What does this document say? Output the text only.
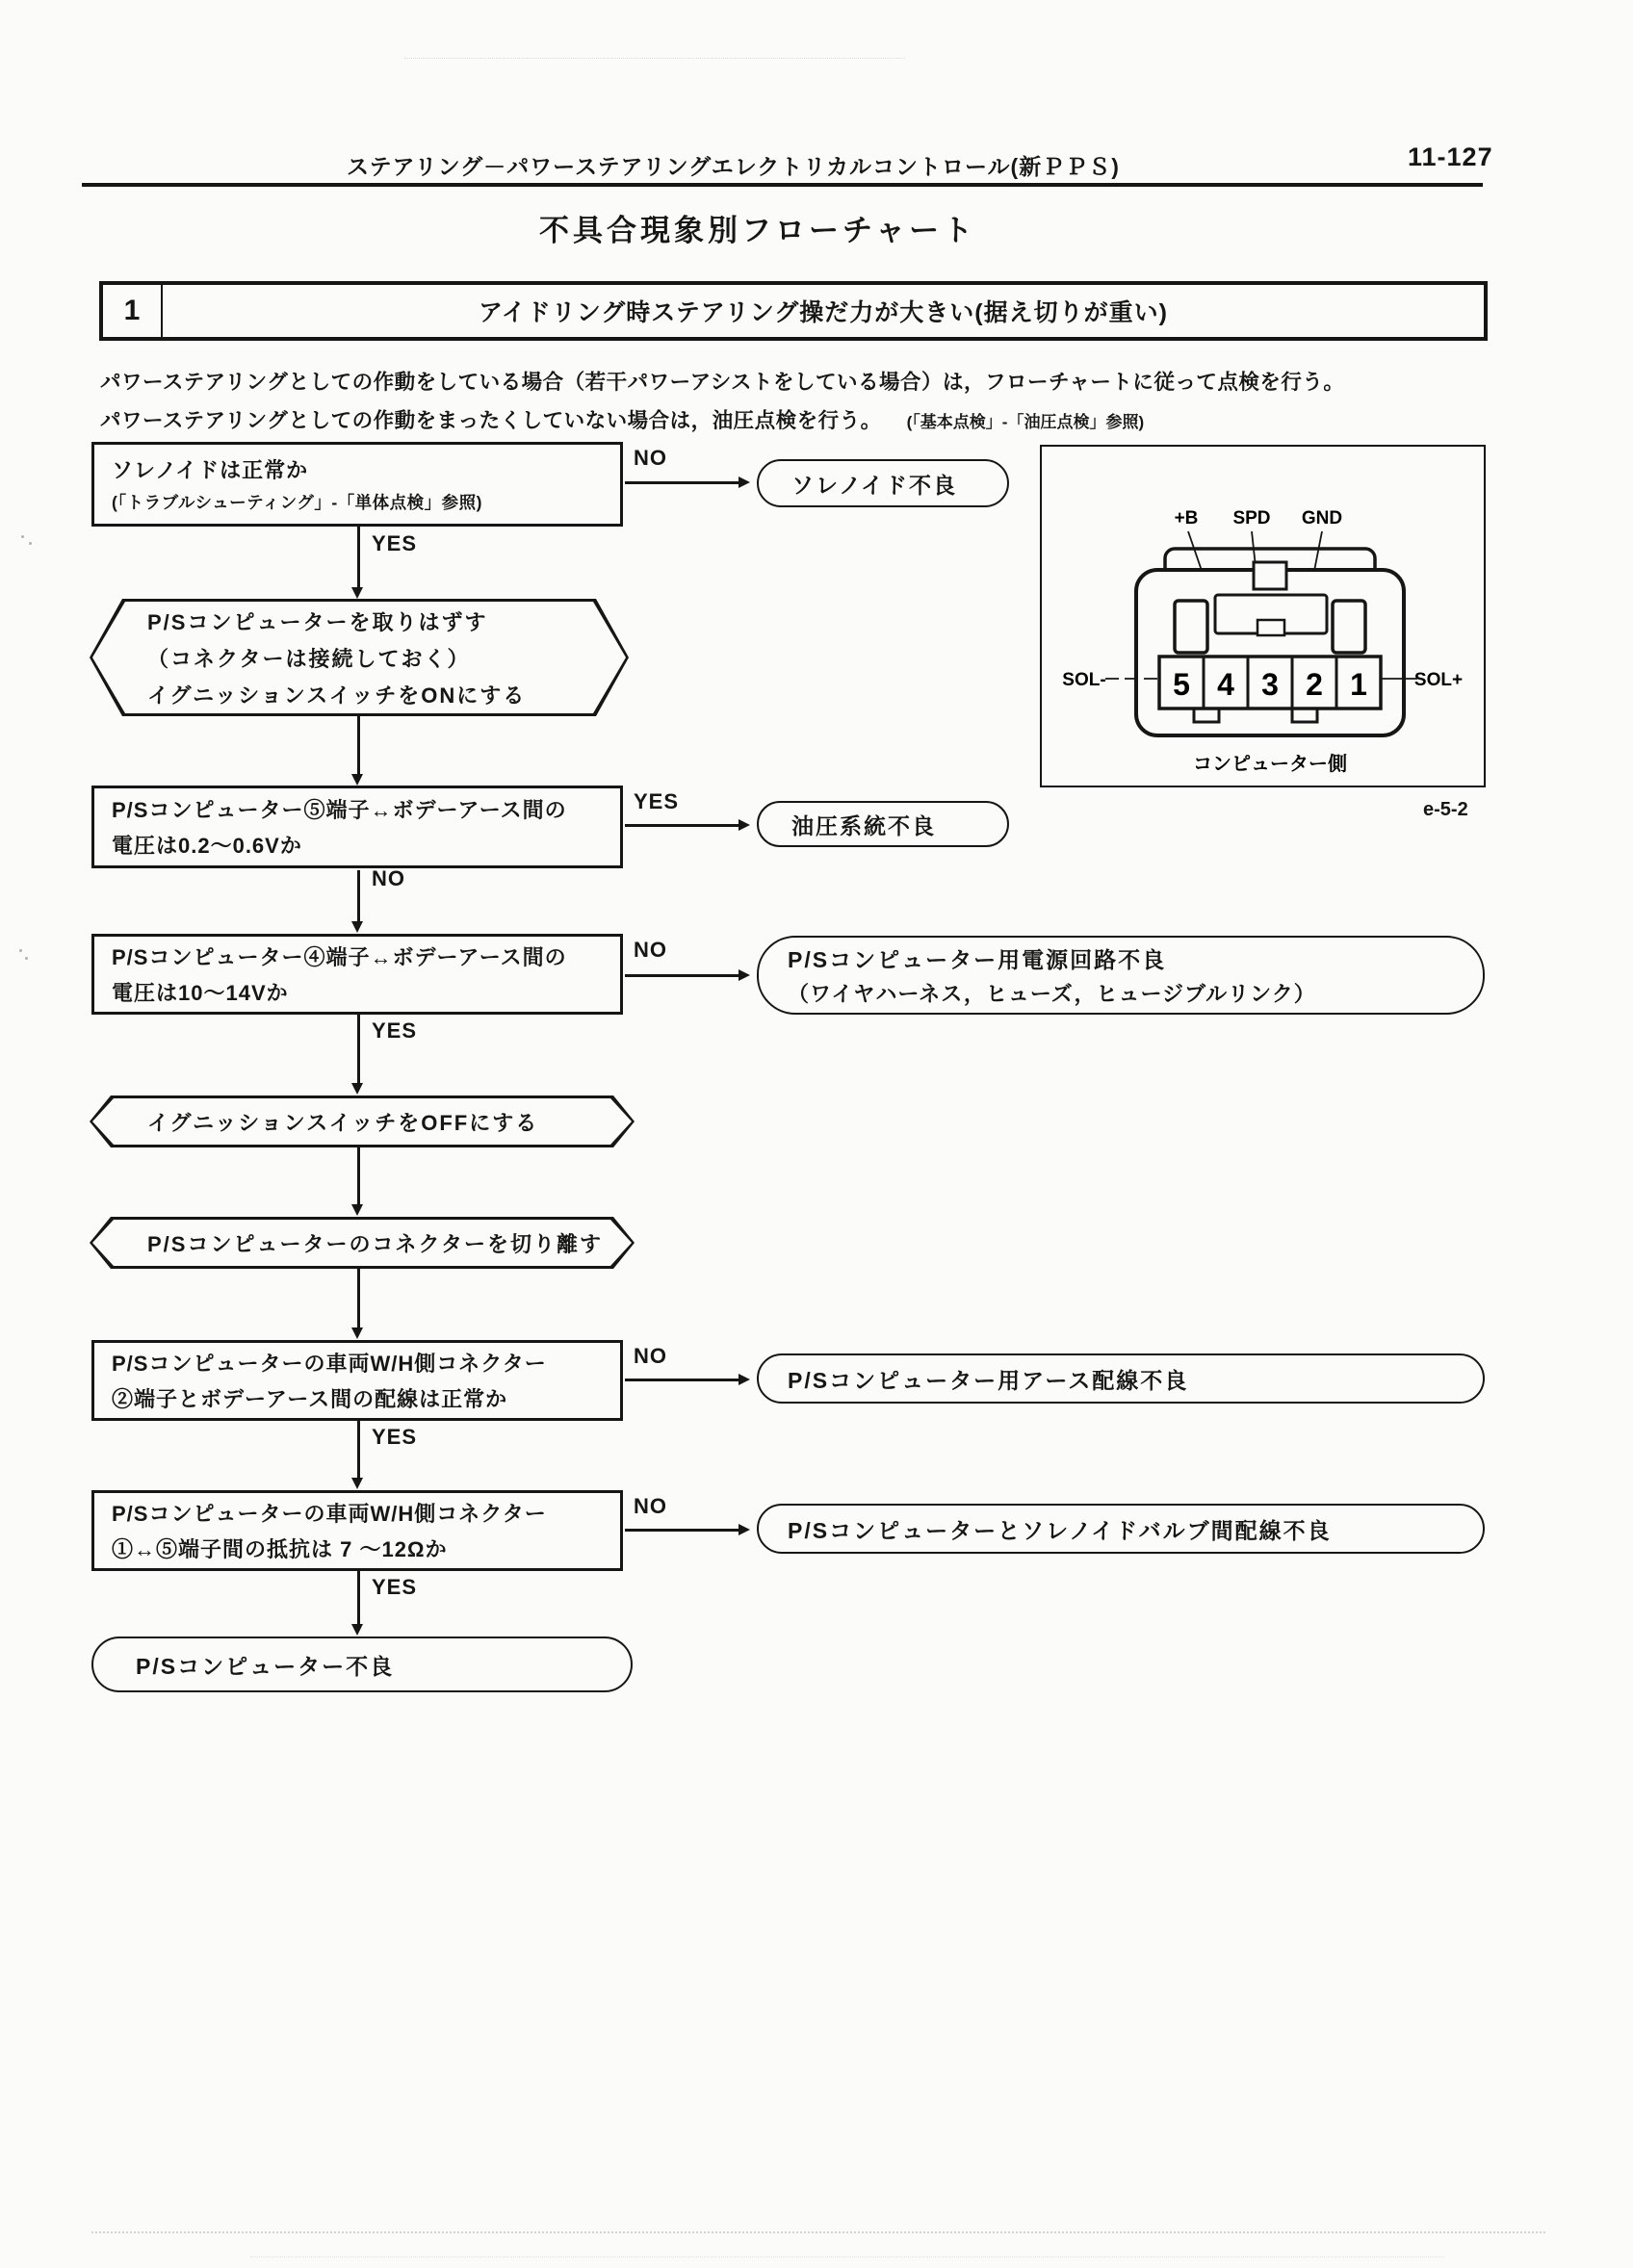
ステアリング－パワーステアリングエレクトリカルコントロール(新ＰＰＳ)	11-127
不具合現象別フローチャート
1	アイドリング時ステアリング操だ力が大きい(据え切りが重い)
パワーステアリングとしての作動をしている場合（若干パワーアシストをしている場合）は，フローチャートに従って点検を行う。
パワーステアリングとしての作動をまったくしていない場合は，油圧点検を行う。 (「基本点検」-「油圧点検」参照)
ソレノイドは正常か
(「トラブルシューティング」-「単体点検」参照)
NO
ソレノイド不良
YES
P/Sコンピューターを取りはずす
（コネクターは接続しておく）
イグニッションスイッチをONにする
P/Sコンピューター⑤端子↔ボデーアース間の
電圧は0.2～0.6Vか
YES
油圧系統不良
NO
P/Sコンピューター④端子↔ボデーアース間の
電圧は10～14Vか
NO	P/Sコンピューター用電源回路不良
（ワイヤハーネス，ヒューズ，ヒュージブルリンク）
YES
イグニッションスイッチをOFFにする
P/Sコンピューターのコネクターを切り離す
P/Sコンピューターの車両W/H側コネクター
②端子とボデーアース間の配線は正常か
NO
P/Sコンピューター用アース配線不良
YES
P/Sコンピューターの車両W/H側コネクター
①↔⑤端子間の抵抗は 7 ～12Ωか
NO
P/Sコンピューターとソレノイドバルブ間配線不良
YES
P/Sコンピューター不良
+B SPD GND
5 4 3 2 1
SOL-	SOL+
コンピューター側
e-5-2
